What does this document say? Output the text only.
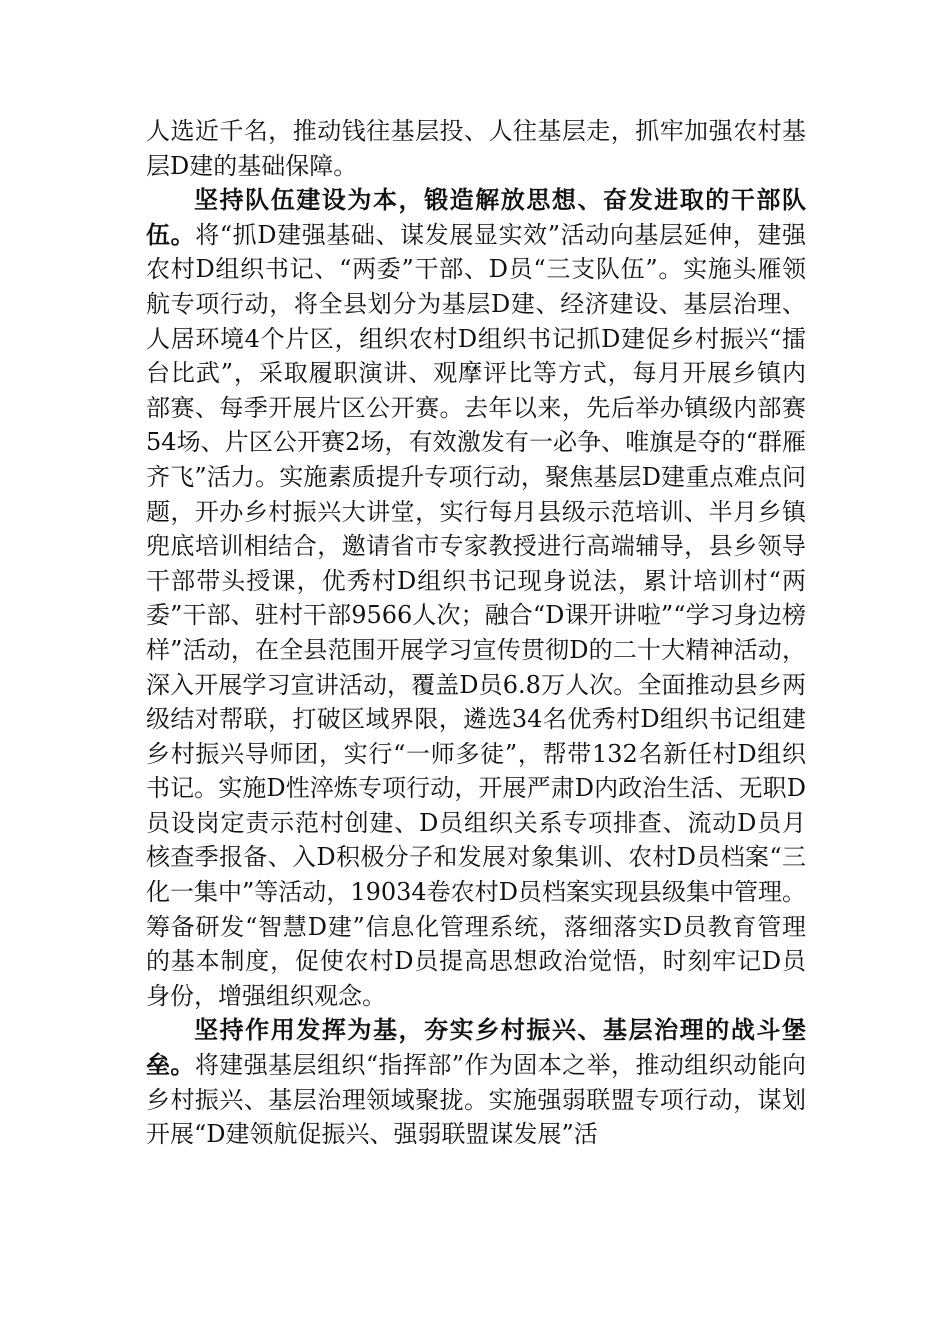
人选近千名，推动钱往基层投、人往基层走，抓牢加强农村基层D建的基础保障。

坚持队伍建设为本，锻造解放思想、奋发进取的干部队伍。将“抓D建强基础、谋发展显实效”活动向基层延伸，建强农村D组织书记、“两委”干部、D员“三支队伍”。实施头雁领航专项行动，将全县划分为基层D建、经济建设、基层治理、人居环境4个片区，组织农村D组织书记抓D建促乡村振兴“擂台比武”，采取履职演讲、观摩评比等方式，每月开展乡镇内部赛、每季开展片区公开赛。去年以来，先后举办镇级内部赛54场、片区公开赛2场，有效激发有一必争、唯旗是夺的“群雁齐飞”活力。实施素质提升专项行动，聚焦基层D建重点难点问题，开办乡村振兴大讲堂，实行每月县级示范培训、半月乡镇兜底培训相结合，邀请省市专家教授进行高端辅导，县乡领导干部带头授课，优秀村D组织书记现身说法，累计培训村“两委”干部、驻村干部9566人次；融合“D课开讲啦”“学习身边榜样”活动，在全县范围开展学习宣传贯彻D的二十大精神活动，深入开展学习宣讲活动，覆盖D员6.8万人次。全面推动县乡两级结对帮联，打破区域界限，遴选34名优秀村D组织书记组建乡村振兴导师团，实行“一师多徒”，帮带132名新任村D组织书记。实施D性淬炼专项行动，开展严肃D内政治生活、无职D员设岗定责示范村创建、D员组织关系专项排查、流动D员月核查季报备、入D积极分子和发展对象集训、农村D员档案“三化一集中”等活动，19034卷农村D员档案实现县级集中管理。筹备研发“智慧D建”信息化管理系统，落细落实D员教育管理的基本制度，促使农村D员提高思想政治觉悟，时刻牢记D员身份，增强组织观念。

坚持作用发挥为基，夯实乡村振兴、基层治理的战斗堡垒。将建强基层组织“指挥部”作为固本之举，推动组织动能向乡村振兴、基层治理领域聚拢。实施强弱联盟专项行动，谋划开展“D建领航促振兴、强弱联盟谋发展”活
